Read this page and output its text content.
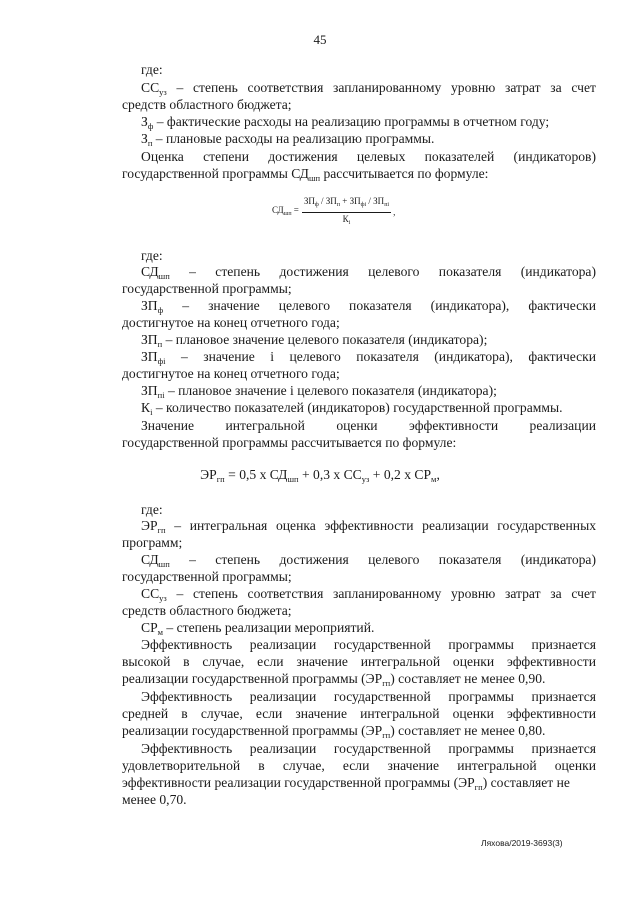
45
где:
$СС_{уз}$ – степень соответствия запланированному уровню затрат за счет
средств областного бюджета;
$З_ф$ – фактические расходы на реализацию программы в отчетном году;
$З_п$ – плановые расходы на реализацию программы.
Оценка степени достижения целевых показателей (индикаторов)
государственной программы $СД_{шп}$ рассчитывается по формуле:
$СД_{шп} = \frac{ЗП_ф / ЗП_п + ЗП_{фi} / ЗП_{пi}}{К_i}$ ,
где:
$СД_{шп}$ – степень достижения целевого показателя (индикатора)
государственной программы;
$ЗП_ф$ – значение целевого показателя (индикатора), фактически
достигнутое на конец отчетного года;
$ЗП_п$ – плановое значение целевого показателя (индикатора);
$ЗП_{фi}$ – значение i целевого показателя (индикатора), фактически
достигнутое на конец отчетного года;
$ЗП_{пi}$ – плановое значение i целевого показателя (индикатора);
$К_i$ – количество показателей (индикаторов) государственной программы.
Значение интегральной оценки эффективности реализации
государственной программы рассчитывается по формуле:
$ЭР_{гп} = 0,5$ х $СД_{шп} + 0,3$ х $СС_{уз} + 0,2$ х $СР_м$,
где:
$ЭР_{гп}$ – интегральная оценка эффективности реализации государственных
программ;
$СД_{шп}$ – степень достижения целевого показателя (индикатора)
государственной программы;
$СС_{уз}$ – степень соответствия запланированному уровню затрат за счет
средств областного бюджета;
$СР_м$ – степень реализации мероприятий.
Эффективность реализации государственной программы признается
высокой в случае, если значение интегральной оценки эффективности
реализации государственной программы $(ЭР_{гп})$ составляет не менее 0,90.
Эффективность реализации государственной программы признается
средней в случае, если значение интегральной оценки эффективности
реализации государственной программы $(ЭР_{гп})$ составляет не менее 0,80.
Эффективность реализации государственной программы признается
удовлетворительной в случае, если значение интегральной оценки
эффективности реализации государственной программы $(ЭР_{гп})$ составляет не
менее 0,70.
Ляхова/2019-3693(3)
